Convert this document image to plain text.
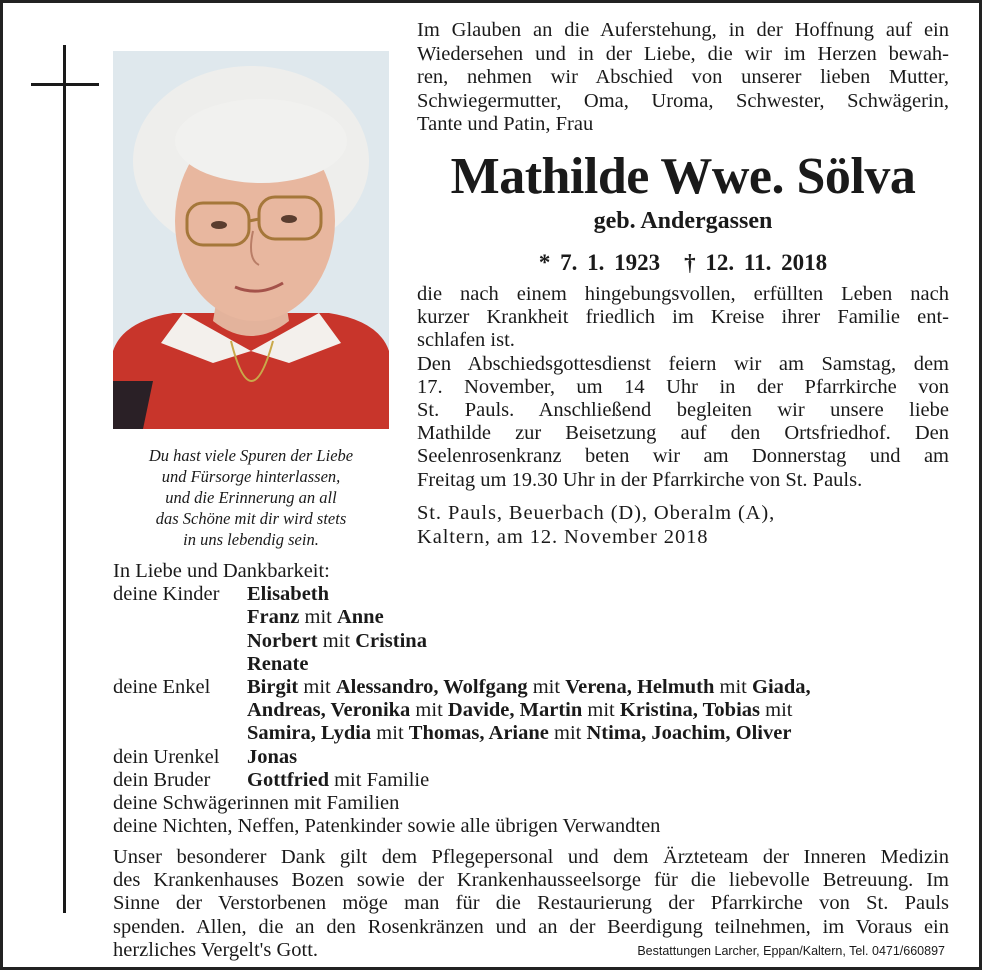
Du hast viele Spuren der Liebe
und Fürsorge hinterlassen,
und die Erinnerung an all
das Schöne mit dir wird stets
in uns lebendig sein.
Im Glauben an die Auferstehung, in der Hoffnung auf ein
Wiedersehen und in der Liebe, die wir im Herzen bewah-
ren, nehmen wir Abschied von unserer lieben Mutter,
Schwiegermutter, Oma, Uroma, Schwester, Schwägerin,
Tante und Patin, Frau
Mathilde Wwe. Sölva
geb. Andergassen
* 7. 1. 1923 † 12. 11. 2018
die nach einem hingebungsvollen, erfüllten Leben nach
kurzer Krankheit friedlich im Kreise ihrer Familie ent-
schlafen ist.
Den Abschiedsgottesdienst feiern wir am Samstag, dem
17. November, um 14 Uhr in der Pfarrkirche von
St. Pauls. Anschließend begleiten wir unsere liebe
Mathilde zur Beisetzung auf den Ortsfriedhof. Den
Seelenrosenkranz beten wir am Donnerstag und am
Freitag um 19.30 Uhr in der Pfarrkirche von St. Pauls.
St. Pauls, Beuerbach (D), Oberalm (A),
Kaltern, am 12. November 2018
In Liebe und Dankbarkeit:
deine Kinder	Elisabeth
Franz mit Anne
Norbert mit Cristina
Renate
deine Enkel	Birgit mit Alessandro, Wolfgang mit Verena, Helmuth mit Giada,
Andreas, Veronika mit Davide, Martin mit Kristina, Tobias mit
Samira, Lydia mit Thomas, Ariane mit Ntima, Joachim, Oliver
dein Urenkel	Jonas
dein Bruder	Gottfried mit Familie
deine Schwägerinnen mit Familien
deine Nichten, Neffen, Patenkinder sowie alle übrigen Verwandten
Unser besonderer Dank gilt dem Pflegepersonal und dem Ärzteteam der Inneren Medizin
des Krankenhauses Bozen sowie der Krankenhausseelsorge für die liebevolle Betreuung. Im
Sinne der Verstorbenen möge man für die Restaurierung der Pfarrkirche von St. Pauls
spenden. Allen, die an den Rosenkränzen und an der Beerdigung teilnehmen, im Voraus ein
herzliches Vergelt's Gott.	Bestattungen Larcher, Eppan/Kaltern, Tel. 0471/660897
